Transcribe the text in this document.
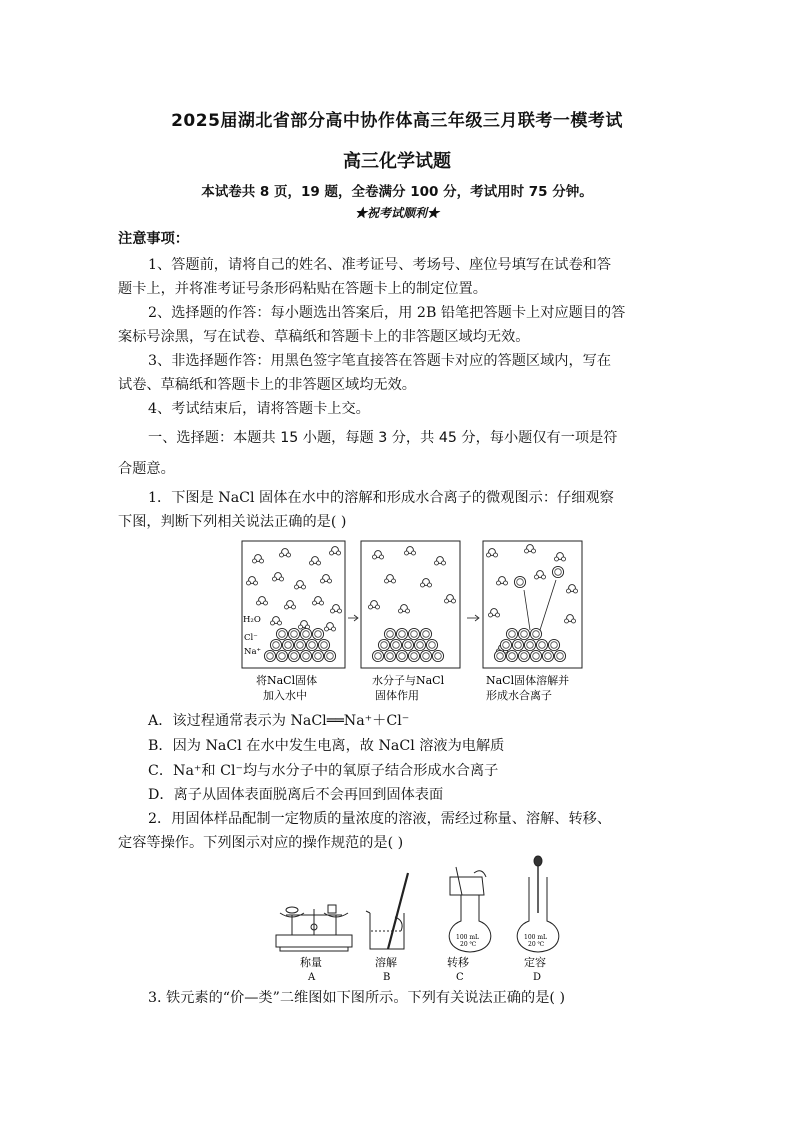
2025届湖北省部分高中协作体高三年级三月联考一模考试
高三化学试题
本试卷共 8 页，19 题，全卷满分 100 分，考试用时 75 分钟。
★祝考试顺利★
注意事项：
1、答题前，请将自己的姓名、准考证号、考场号、座位号填写在试卷和答
题卡上，并将准考证号条形码粘贴在答题卡上的制定位置。
2、选择题的作答：每小题选出答案后，用 2B 铅笔把答题卡上对应题目的答
案标号涂黑，写在试卷、草稿纸和答题卡上的非答题区域均无效。
3、非选择题作答：用黑色签字笔直接答在答题卡对应的答题区域内，写在
试卷、草稿纸和答题卡上的非答题区域均无效。
4、考试结束后，请将答题卡上交。
一、选择题：本题共 15 小题，每题 3 分，共 45 分，每小题仅有一项是符
合题意。
1．下图是 NaCl 固体在水中的溶解和形成水合离子的微观图示：仔细观察
下图，判断下列相关说法正确的是( )
H₂O
Cl⁻
Na⁺
将NaCl固体
加入水中
水分子与NaCl
固体作用
NaCl固体溶解并
形成水合离子
A．该过程通常表示为 NaCl══Na⁺＋Cl⁻
B．因为 NaCl 在水中发生电离，故 NaCl 溶液为电解质
C．Na⁺和 Cl⁻均与水分子中的氧原子结合形成水合离子
D．离子从固体表面脱离后不会再回到固体表面
2．用固体样品配制一定物质的量浓度的溶液，需经过称量、溶解、转移、
定容等操作。下列图示对应的操作规范的是( )
100 mL
20 ℃
100 mL
20 ℃
称量
A
溶解
B
转移
C
定容
D
3. 铁元素的“价—类”二维图如下图所示。下列有关说法正确的是( )
